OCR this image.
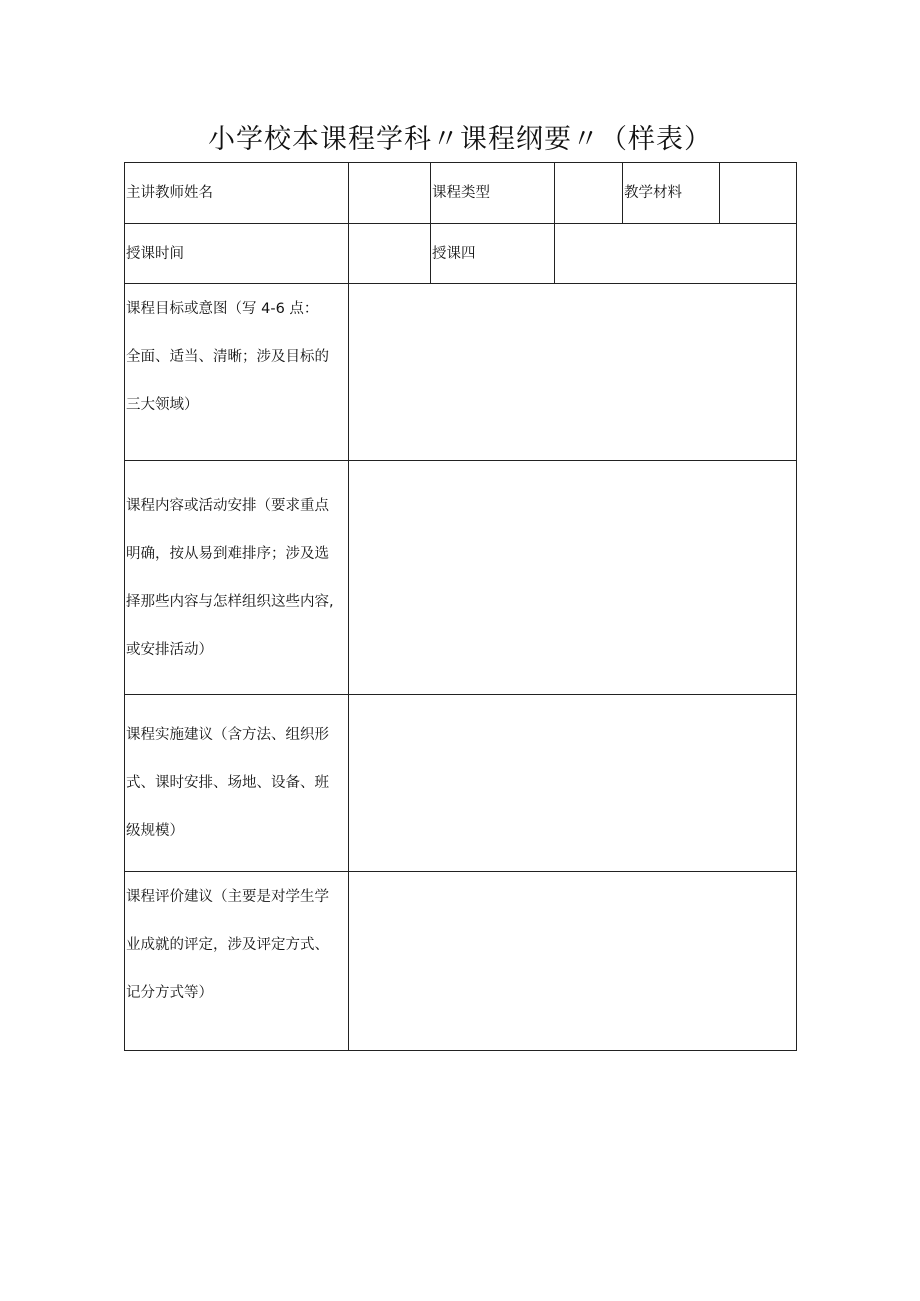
小学校本课程学科〃课程纲要〃（样表）
主讲教师姓名		课程类型		教学材料	
授课时间		授课四			

课程目标或意图（写 4-6 点：
全面、适当、清晰；涉及目标的
三大领域）					

课程内容或活动安排（要求重点
明确，按从易到难排序；涉及选
择那些内容与怎样组织这些内容,
或安排活动）					

课程实施建议（含方法、组织形
式、课时安排、场地、设备、班
级规模）					

课程评价建议（主要是对学生学
业成就的评定，涉及评定方式、
记分方式等）					
